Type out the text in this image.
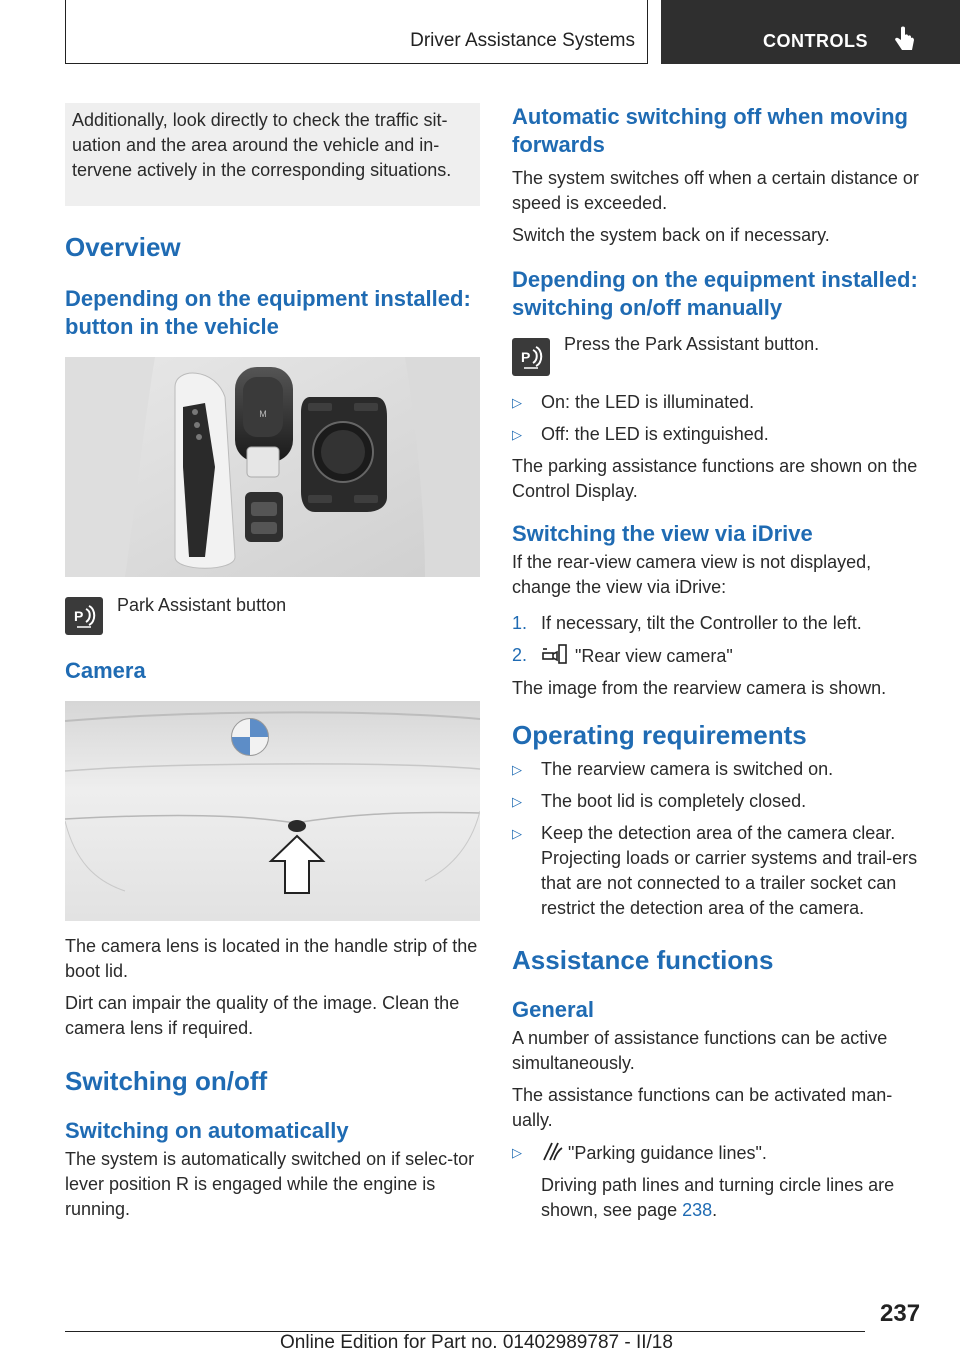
Driver Assistance Systems	CONTROLS
Additionally, look directly to check the traffic sit‐uation and the area around the vehicle and in‐tervene actively in the corresponding situations.
Overview
Depending on the equipment installed: button in the vehicle
M
P
Park Assistant button
Camera
The camera lens is located in the handle strip of the boot lid.
Dirt can impair the quality of the image. Clean the camera lens if required.
Switching on/off
Switching on automatically
The system is automatically switched on if selec‐tor lever position R is engaged while the engine is running.
Automatic switching off when moving forwards
The system switches off when a certain distance or speed is exceeded.
Switch the system back on if necessary.
Depending on the equipment installed: switching on/off manually
P
Press the Park Assistant button.
▷ On: the LED is illuminated.
▷ Off: the LED is extinguished.
The parking assistance functions are shown on the Control Display.
Switching the view via iDrive
If the rear-view camera view is not displayed, change the view via iDrive:
1. If necessary, tilt the Controller to the left.
2.	"Rear view camera"
The image from the rearview camera is shown.
Operating requirements
▷ The rearview camera is switched on.
▷ The boot lid is completely closed.
▷ Keep the detection area of the camera clear. Projecting loads or carrier systems and trail‐ers that are not connected to a trailer socket can restrict the detection area of the camera.
Assistance functions
General
A number of assistance functions can be active simultaneously.
The assistance functions can be activated man‐ually.
▷	"Parking guidance lines".
Driving path lines and turning circle lines are shown, see page 238.
237
Online Edition for Part no. 01402989787 - II/18
